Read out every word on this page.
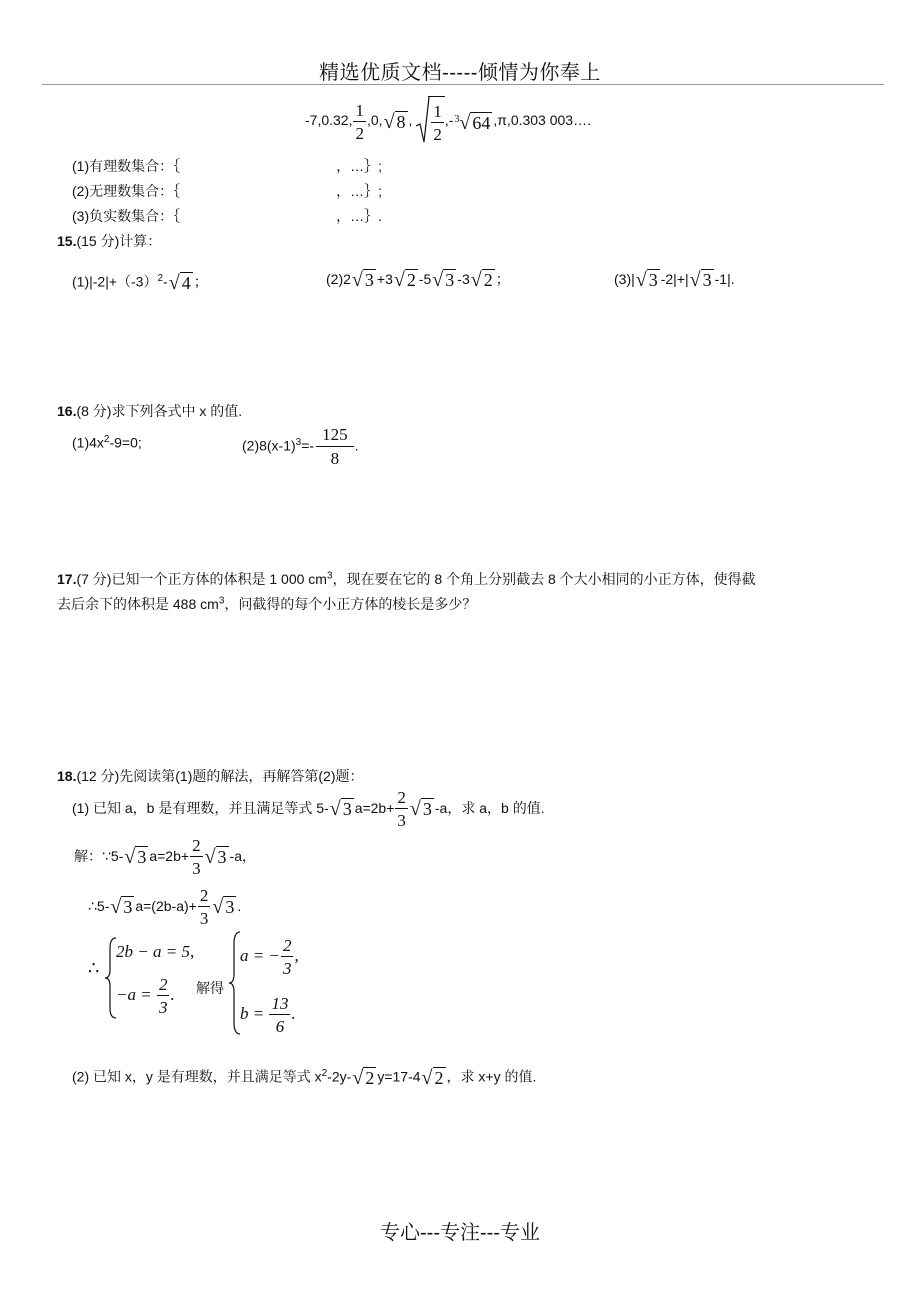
精选优质文档-----倾情为你奉上
-7,0.32, $\frac{1}{2} ,0,√$ 8 , $\frac{1}{2} ,-^3√$ 64 ,π,0.303 003….
(1)有理数集合：｛	，…｝;
(2)无理数集合：｛	，…｝;
(3)负实数集合：｛	，…｝.
15.(15 分)计算：
$(1)|-2|+(-3)^2-√$ 4 ；	(2)2√ 3 +3√ 2 -5√ 3 -3√ 2 ；	(3)|√ 3 -2|+|√ 3 -1|.
16.(8 分)求下列各式中 x 的值.
$(1)4x^2-9=0$;	$(2)8(x-1)^3=- \frac{125}{8}$ .
17.(7 分)已知一个正方体的体积是 1 000 $cm^3$，现在要在它的 8 个角上分别截去 8 个大小相同的小正方体，使得截
去后余下的体积是 488 $cm^3$，问截得的每个小正方体的棱长是多少？
18.(12 分)先阅读第(1)题的解法，再解答第(2)题：
(1) 已知 a，b 是有理数，并且满足等式 5-√ 3 $a=2b+ \frac{2}{3}$ √ 3 -a，求 a，b 的值.
解：∵5-√ 3 $a=2b+ \frac{2}{3}$ √ 3 -a，
∴5-√ 3 $a=(2b-a)+ \frac{2}{3}$ √ 3 .
∴
2b − a = 5,
$-a = \frac{2}{3}$ . 解得
a = − $\frac{2}{3}$ ,
$b = \frac{13}{6}$ .
(2) 已知 x，y 是有理数，并且满足等式 $x^2-2y-√$ 2 y=17-4√ 2 ，求 x+y 的值.
专心---专注---专业
